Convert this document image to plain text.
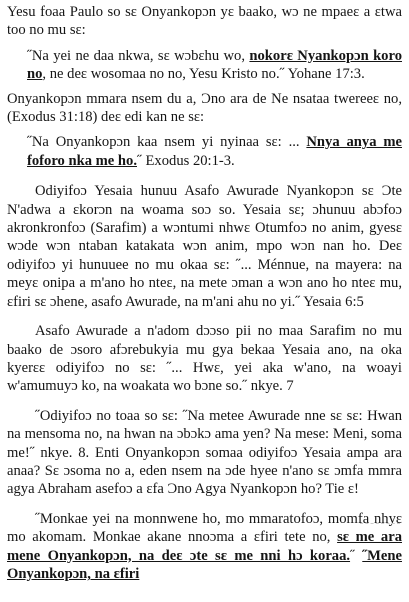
Yesu foaa Paulo so sɛ Onyankopɔn yɛ baako, wɔ ne mpaeɛ a ɛtwa too no mu sɛ:

˝Na yei ne daa nkwa, sɛ wɔbɛhu wo, nokorɛ Nyankopɔn koro no, ne deɛ wosomaa no no, Yesu Kristo no.˝ Yohane 17:3.

Onyankopɔn mmara nsem du a, Ɔno ara de Ne nsataa twereeɛ no, (Exodus 31:18) deɛ edi kan ne sɛ:

˝Na Onyankopɔn kaa nsem yi nyinaa sɛ: ... Nnya anya me foforo nka me ho.˝ Exodus 20:1-3.

Odiyifoɔ Yesaia hunuu Asafo Awurade Nyankopɔn sɛ Ɔte N'adwa a ɛkorɔn na woama soɔ so. Yesaia sɛ; ɔhunuu abɔfoɔ akronkronfoɔ (Sarafim) a wɔntumi nhwɛ Otumfoɔ no anim, gyesɛ wɔde wɔn ntaban katakata wɔn anim, mpo wɔn nan ho. Deɛ odiyifoɔ yi hunuuee no mu okaa sɛ: ˝... Ménnue, na mayera: na meyɛ onipa a m'ano ho nteɛ, na mete ɔman a wɔn ano ho nteɛ mu, ɛfiri sɛ ɔhene, asafo Awurade, na m'ani ahu no yi.˝ Yesaia 6:5

Asafo Awurade a n'adom dɔɔso pii no maa Sarafim no mu baako de ɔsoro afɔrebukyia mu gya bekaa Yesaia ano, na oka kyerɛɛ odiyifoɔ no sɛ: ˝... Hwɛ, yei aka w'ano, na woayi w'amumuyɔ ko, na woakata wo bɔne so.˝ nkye. 7

˝Odiyifoɔ no toaa so sɛ: ˝Na metee Awurade nne sɛ sɛ: Hwan na mensoma no, na hwan na ɔbɔkɔ ama yen? Na mese: Meni, soma me!˝ nkye. 8. Enti Onyankopɔn somaa odiyifoɔ Yesaia ampa ara anaa? Sɛ ɔsoma no a, eden nsem na ɔde hyee n'ano sɛ ɔmfa mmra agya Abraham asefoɔ a ɛfa Ɔno Agya Nyankopɔn ho? Tie ɛ!

˝Monkae yei na monnwene ho, mo mmaratofoɔ, momfa nhyɛ mo akomam. Monkae akane nnoɔma a ɛfiri tete no, sɛ me ara mene Onyankopɔn, na deɛ ɔte sɛ me nni hɔ koraa.˝ ˝Mene Onyankopɔn, na ɛfiri
